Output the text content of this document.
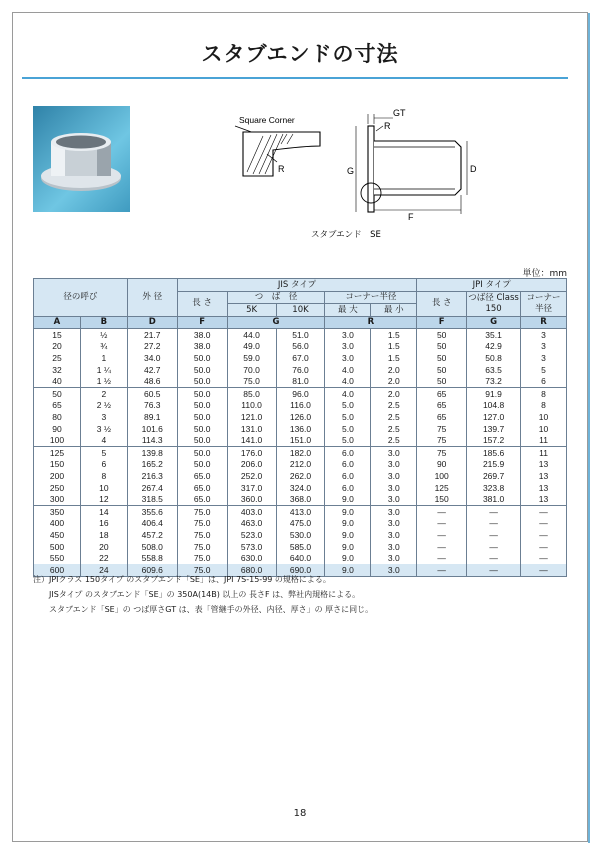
スタブエンドの寸法
Square Corner
R
GT
R
G	D
F
スタブエンド　SE
単位：mm
径の呼び		外 径	JIS タイプ					JPI タイプ		
			長 さ	つ　ば　径		コーナー半径		長 さ	つば径 Class 150	コーナー 半径
				5K	10K	最 大	最 小			
A	B	D	F	G		R		F	G	R
15	½	21.7	38.0	44.0	51.0	3.0	1.5	50	35.1	3
20	¾	27.2	38.0	49.0	56.0	3.0	1.5	50	42.9	3
25	1	34.0	50.0	59.0	67.0	3.0	1.5	50	50.8	3
32	1 ¼	42.7	50.0	70.0	76.0	4.0	2.0	50	63.5	5
40	1 ½	48.6	50.0	75.0	81.0	4.0	2.0	50	73.2	6
50	2	60.5	50.0	85.0	96.0	4.0	2.0	65	91.9	8
65	2 ½	76.3	50.0	110.0	116.0	5.0	2.5	65	104.8	8
80	3	89.1	50.0	121.0	126.0	5.0	2.5	65	127.0	10
90	3 ½	101.6	50.0	131.0	136.0	5.0	2.5	75	139.7	10
100	4	114.3	50.0	141.0	151.0	5.0	2.5	75	157.2	11
125	5	139.8	50.0	176.0	182.0	6.0	3.0	75	185.6	11
150	6	165.2	50.0	206.0	212.0	6.0	3.0	90	215.9	13
200	8	216.3	65.0	252.0	262.0	6.0	3.0	100	269.7	13
250	10	267.4	65.0	317.0	324.0	6.0	3.0	125	323.8	13
300	12	318.5	65.0	360.0	368.0	9.0	3.0	150	381.0	13
350	14	355.6	75.0	403.0	413.0	9.0	3.0	—	—	—
400	16	406.4	75.0	463.0	475.0	9.0	3.0	—	—	—
450	18	457.2	75.0	523.0	530.0	9.0	3.0	—	—	—
500	20	508.0	75.0	573.0	585.0	9.0	3.0	—	—	—
550	22	558.8	75.0	630.0	640.0	9.0	3.0	—	—	—
600	24	609.6	75.0	680.0	690.0	9.0	3.0	—	—	—
注）JPIクラス 150タイプ のスタブエンド「SE」は、JPI 7S-15-99 の規格による。
　　JISタイプ のスタブエンド「SE」の 350A(14B) 以上の 長さF は、弊社内規格による。
　　スタブエンド「SE」の つば厚さGT は、表「管継手の外径、内径、厚さ」の 厚さに同じ。
18
